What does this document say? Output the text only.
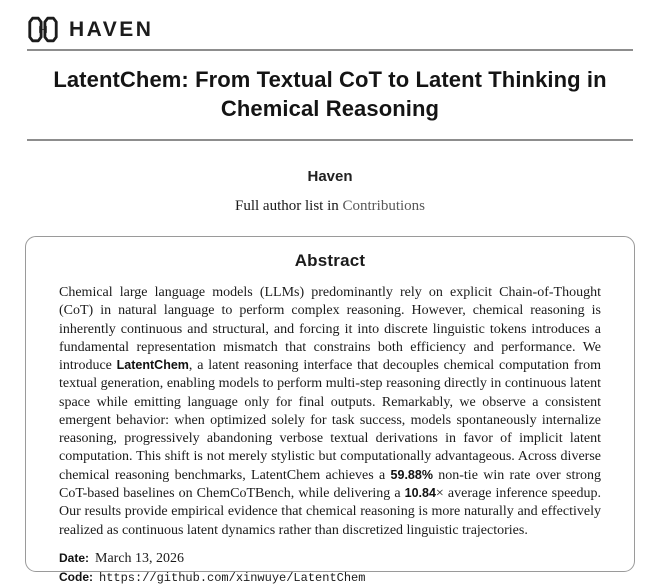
HAVEN
LatentChem: From Textual CoT to Latent Thinking in Chemical Reasoning
Haven
Full author list in Contributions
Abstract

Chemical large language models (LLMs) predominantly rely on explicit Chain-of-Thought (CoT) in natural language to perform complex reasoning. However, chemical reasoning is inherently continuous and structural, and forcing it into discrete linguistic tokens introduces a fundamental representation mismatch that constrains both efficiency and performance. We introduce LatentChem, a latent reasoning interface that decouples chemical computation from textual generation, enabling models to perform multi-step reasoning directly in continuous latent space while emitting language only for final outputs. Remarkably, we observe a consistent emergent behavior: when optimized solely for task success, models spontaneously internalize reasoning, progressively abandoning verbose textual derivations in favor of implicit latent computation. This shift is not merely stylistic but computationally advantageous. Across diverse chemical reasoning benchmarks, LatentChem achieves a 59.88% non-tie win rate over strong CoT-based baselines on ChemCoTBench, while delivering a 10.84× average inference speedup. Our results provide empirical evidence that chemical reasoning is more naturally and effectively realized as continuous latent dynamics rather than discretized linguistic trajectories.

Date: March 13, 2026
Code: https://github.com/xinwuye/LatentChem
